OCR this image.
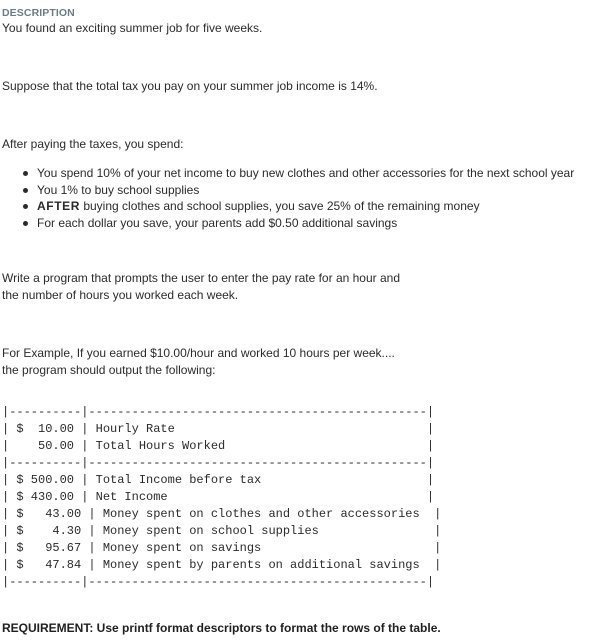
DESCRIPTION
You found an exciting summer job for five weeks.
Suppose that the total tax you pay on your summer job income is 14%.
After paying the taxes, you spend:
You spend 10% of your net income to buy new clothes and other accessories for the next school year
You 1% to buy school supplies
AFTER buying clothes and school supplies, you save 25% of the remaining money
For each dollar you save, your parents add $0.50 additional savings
Write a program that prompts the user to enter the pay rate for an hour and
the number of hours you worked each week.
For Example, If you earned $10.00/hour and worked 10 hours per week....
the program should output the following:
|----------|-----------------------------------------------|
| $  10.00 | Hourly Rate                                   |
|    50.00 | Total Hours Worked                            |
|----------|-----------------------------------------------|
| $ 500.00 | Total Income before tax                       |
| $ 430.00 | Net Income                                    |
| $   43.00 | Money spent on clothes and other accessories  |
| $    4.30 | Money spent on school supplies                |
| $   95.67 | Money spent on savings                        |
| $   47.84 | Money spent by parents on additional savings  |
|----------|-----------------------------------------------|
REQUIREMENT: Use printf format descriptors to format the rows of the table.
